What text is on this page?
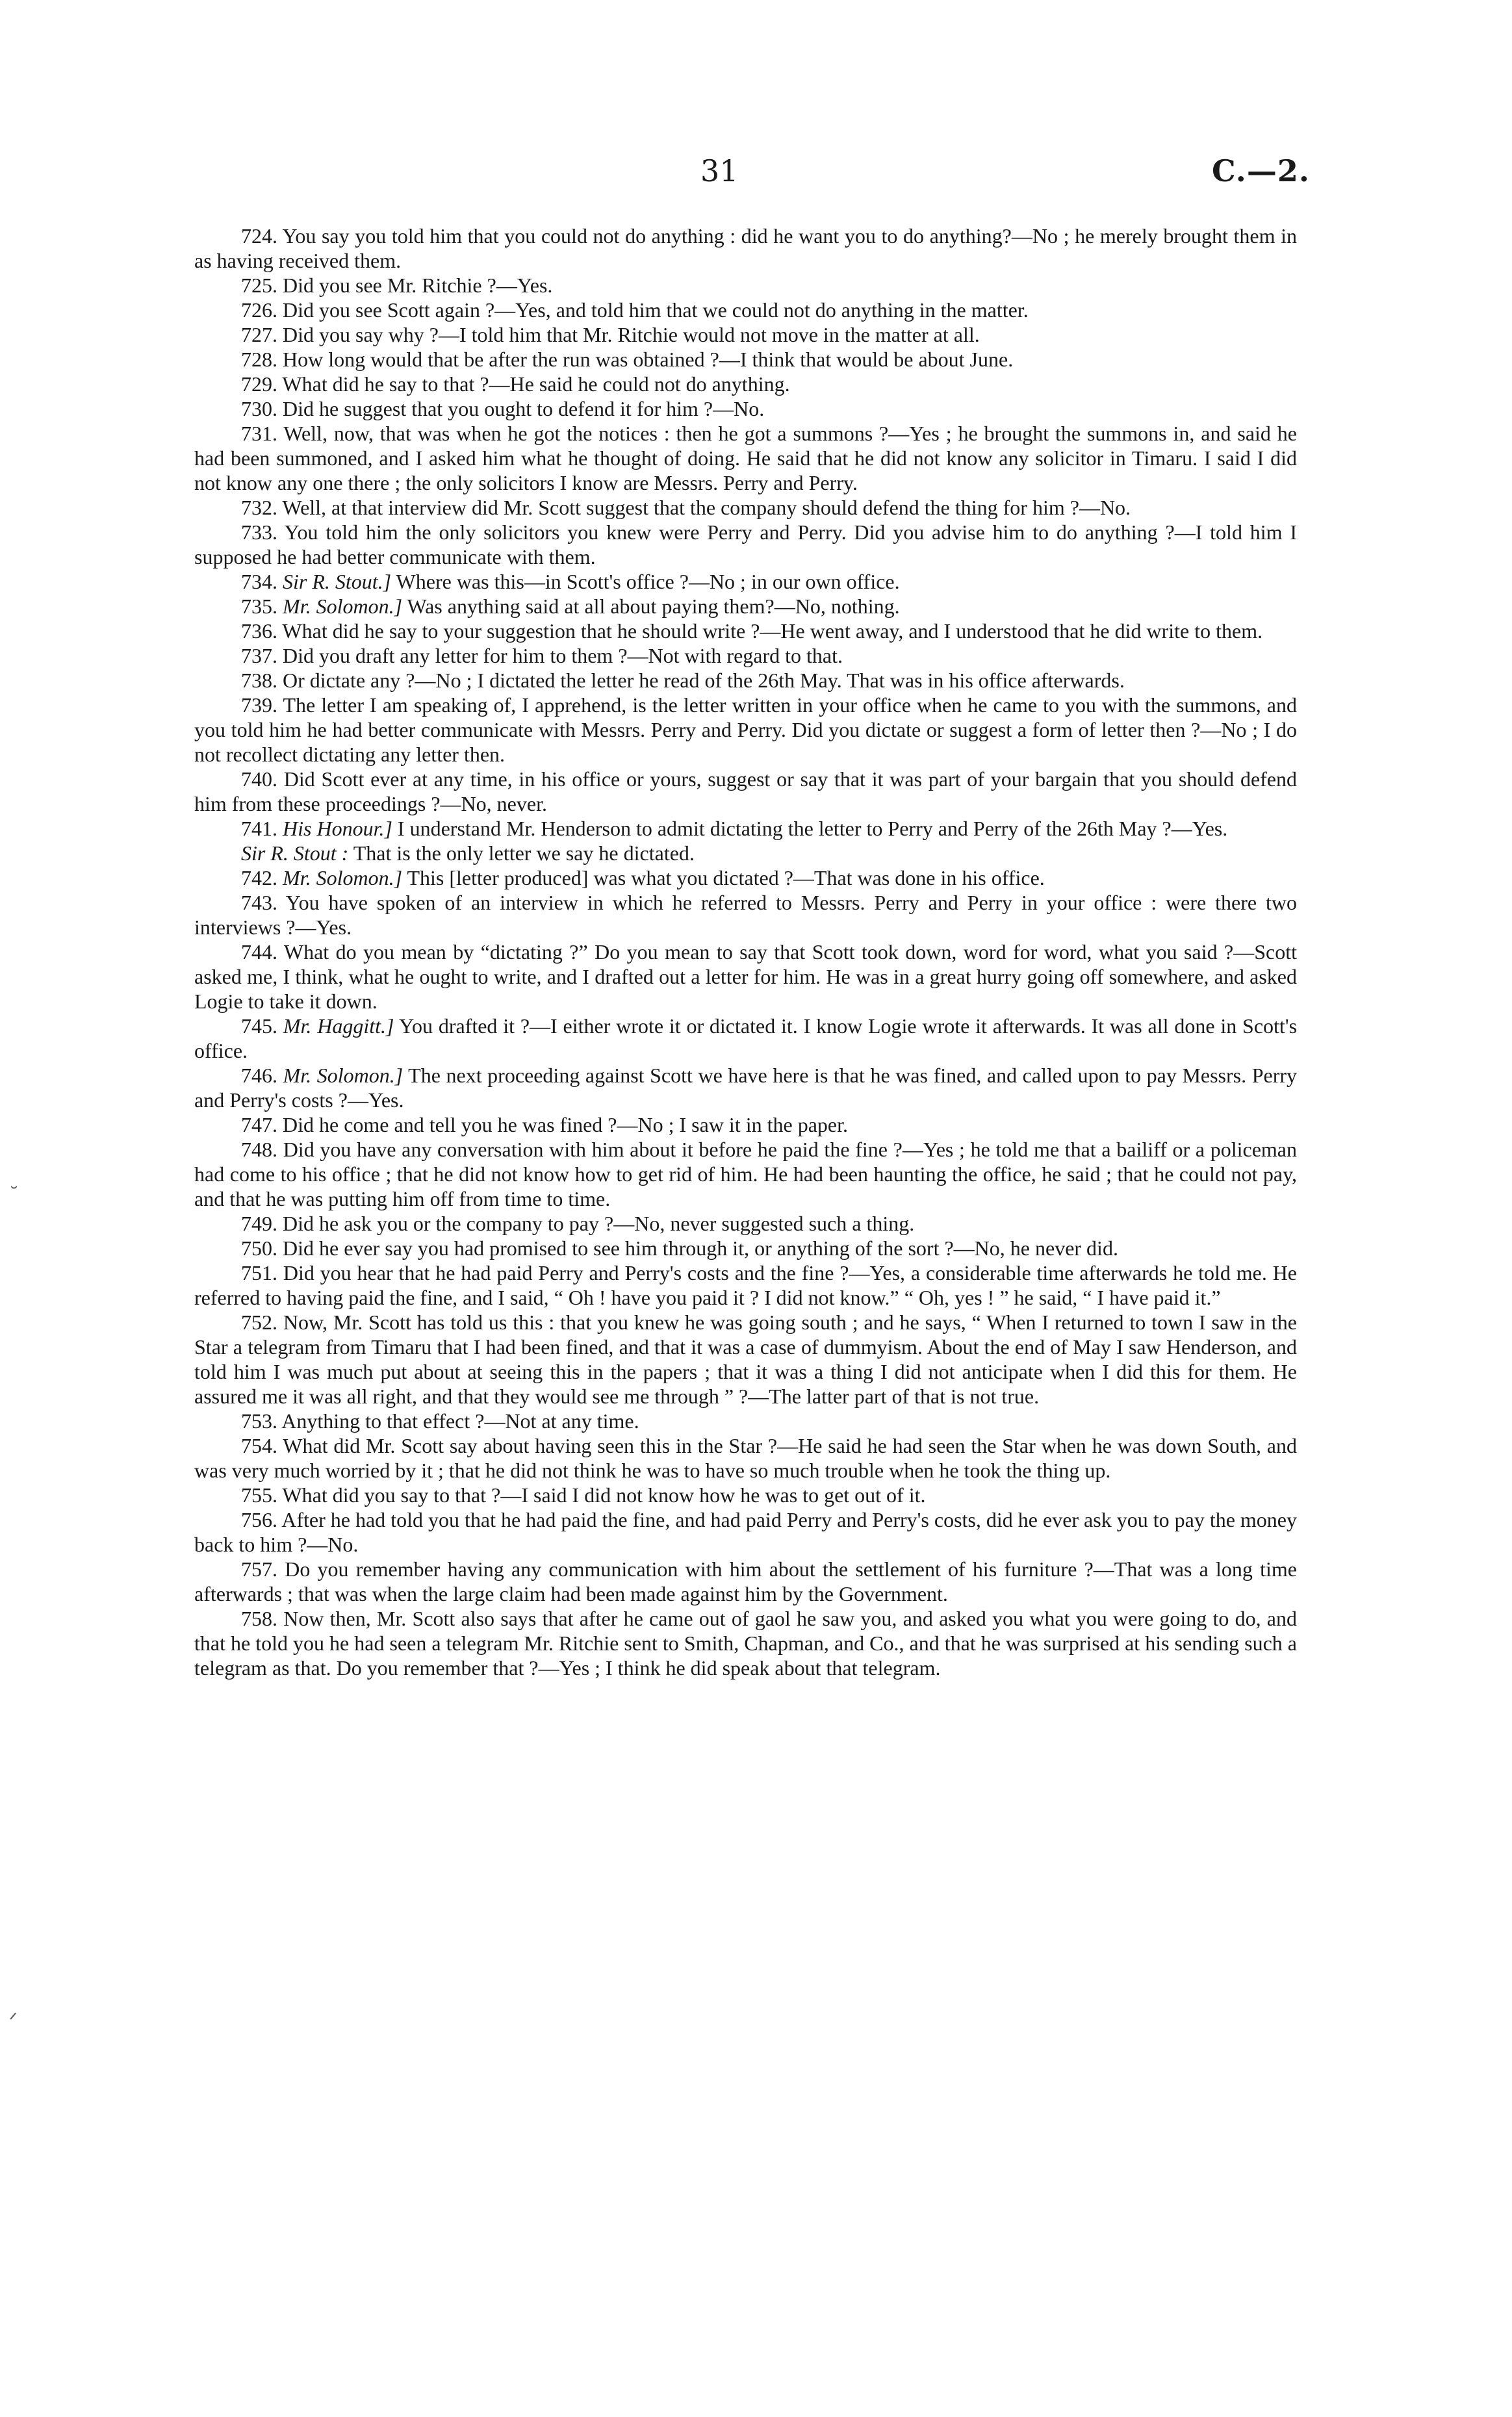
31	C.—2.

724. You say you told him that you could not do anything : did he want you to do anything?—No ; he merely brought them in as having received them.

725. Did you see Mr. Ritchie ?—Yes.

726. Did you see Scott again ?—Yes, and told him that we could not do anything in the matter.

727. Did you say why ?—I told him that Mr. Ritchie would not move in the matter at all.

728. How long would that be after the run was obtained ?—I think that would be about June.

729. What did he say to that ?—He said he could not do anything.

730. Did he suggest that you ought to defend it for him ?—No.

731. Well, now, that was when he got the notices : then he got a summons ?—Yes ; he brought the summons in, and said he had been summoned, and I asked him what he thought of doing. He said that he did not know any solicitor in Timaru. I said I did not know any one there ; the only solicitors I know are Messrs. Perry and Perry.

732. Well, at that interview did Mr. Scott suggest that the company should defend the thing for him ?—No.

733. You told him the only solicitors you knew were Perry and Perry. Did you advise him to do anything ?—I told him I supposed he had better communicate with them.

734. Sir R. Stout.] Where was this—in Scott's office ?—No ; in our own office.

735. Mr. Solomon.] Was anything said at all about paying them?—No, nothing.

736. What did he say to your suggestion that he should write ?—He went away, and I understood that he did write to them.

737. Did you draft any letter for him to them ?—Not with regard to that.

738. Or dictate any ?—No ; I dictated the letter he read of the 26th May. That was in his office afterwards.

739. The letter I am speaking of, I apprehend, is the letter written in your office when he came to you with the summons, and you told him he had better communicate with Messrs. Perry and Perry. Did you dictate or suggest a form of letter then ?—No ; I do not recollect dictating any letter then.

740. Did Scott ever at any time, in his office or yours, suggest or say that it was part of your bargain that you should defend him from these proceedings ?—No, never.

741. His Honour.] I understand Mr. Henderson to admit dictating the letter to Perry and Perry of the 26th May ?—Yes.

Sir R. Stout : That is the only letter we say he dictated.

742. Mr. Solomon.] This [letter produced] was what you dictated ?—That was done in his office.

743. You have spoken of an interview in which he referred to Messrs. Perry and Perry in your office : were there two interviews ?—Yes.

744. What do you mean by “dictating ?” Do you mean to say that Scott took down, word for word, what you said ?—Scott asked me, I think, what he ought to write, and I drafted out a letter for him. He was in a great hurry going off somewhere, and asked Logie to take it down.

745. Mr. Haggitt.] You drafted it ?—I either wrote it or dictated it. I know Logie wrote it afterwards. It was all done in Scott's office.

746. Mr. Solomon.] The next proceeding against Scott we have here is that he was fined, and called upon to pay Messrs. Perry and Perry's costs ?—Yes.

747. Did he come and tell you he was fined ?—No ; I saw it in the paper.

748. Did you have any conversation with him about it before he paid the fine ?—Yes ; he told me that a bailiff or a policeman had come to his office ; that he did not know how to get rid of him. He had been haunting the office, he said ; that he could not pay, and that he was putting him off from time to time.

749. Did he ask you or the company to pay ?—No, never suggested such a thing.

750. Did he ever say you had promised to see him through it, or anything of the sort ?—No, he never did.

751. Did you hear that he had paid Perry and Perry's costs and the fine ?—Yes, a considerable time afterwards he told me. He referred to having paid the fine, and I said, “ Oh ! have you paid it ? I did not know.” “ Oh, yes ! ” he said, “ I have paid it.”

752. Now, Mr. Scott has told us this : that you knew he was going south ; and he says, “ When I returned to town I saw in the Star a telegram from Timaru that I had been fined, and that it was a case of dummyism. About the end of May I saw Henderson, and told him I was much put about at seeing this in the papers ; that it was a thing I did not anticipate when I did this for them. He assured me it was all right, and that they would see me through ” ?—The latter part of that is not true.

753. Anything to that effect ?—Not at any time.

754. What did Mr. Scott say about having seen this in the Star ?—He said he had seen the Star when he was down South, and was very much worried by it ; that he did not think he was to have so much trouble when he took the thing up.

755. What did you say to that ?—I said I did not know how he was to get out of it.

756. After he had told you that he had paid the fine, and had paid Perry and Perry's costs, did he ever ask you to pay the money back to him ?—No.

757. Do you remember having any communication with him about the settlement of his furniture ?—That was a long time afterwards ; that was when the large claim had been made against him by the Government.

758. Now then, Mr. Scott also says that after he came out of gaol he saw you, and asked you what you were going to do, and that he told you he had seen a telegram Mr. Ritchie sent to Smith, Chapman, and Co., and that he was surprised at his sending such a telegram as that. Do you remember that ?—Yes ; I think he did speak about that telegram.

˘
ᐟ
